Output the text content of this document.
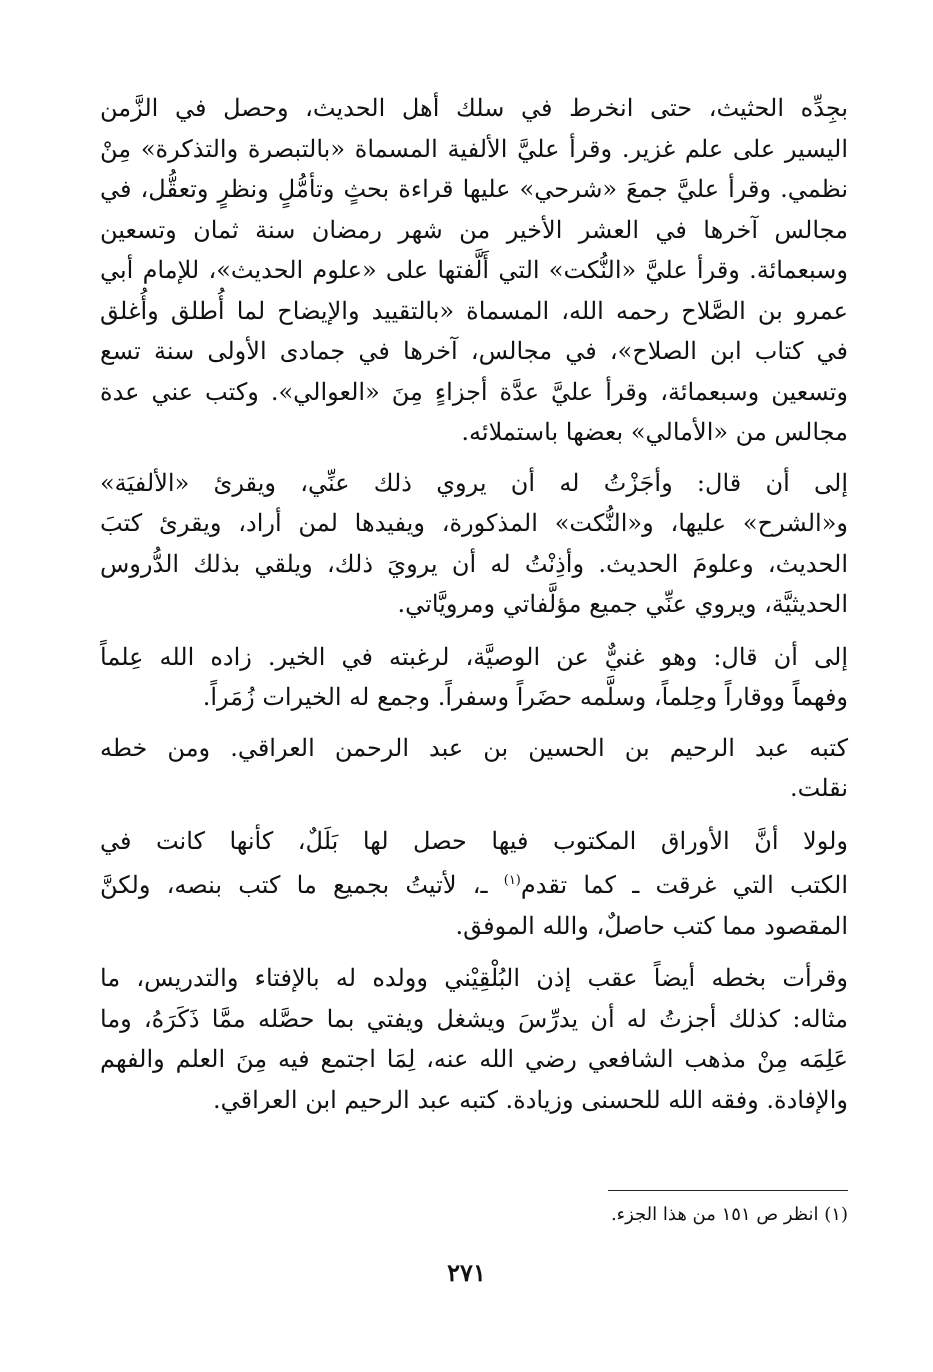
بجِدِّه الحثيث، حتى انخرط في سلك أهل الحديث، وحصل في الزَّمن
اليسير على علم غزير. وقرأ عليَّ الألفية المسماة «بالتبصرة والتذكرة» مِنْ
نظمي. وقرأ عليَّ جمعَ «شرحي» عليها قراءة بحثٍ وتأمُّلٍ ونظرٍ وتعقُّل، في
مجالس آخرها في العشر الأخير من شهر رمضان سنة ثمان وتسعين
وسبعمائة. وقرأ عليَّ «النُّكت» التي أَلَّفتها على «علوم الحديث»، للإمام أبي
عمرو بن الصَّلاح رحمه الله، المسماة «بالتقييد والإيضاح لما أُطلق وأُغلق
في كتاب ابن الصلاح»، في مجالس، آخرها في جمادى الأولى سنة تسع
وتسعين وسبعمائة، وقرأ عليَّ عدَّة أجزاءٍ مِنَ «العوالي». وكتب عني عدة
مجالس من «الأمالي» بعضها باستملائه.

إلى أن قال: وأجَزْتُ له أن يروي ذلك عنِّي، ويقرئ «الألفيَة»
و«الشرح» عليها، و«النُّكت» المذكورة، ويفيدها لمن أراد، ويقرئ كتبَ
الحديث، وعلومَ الحديث. وأذِنْتُ له أن يرويَ ذلك، ويلقي بذلك الدُّروس
الحديثيَّة، ويروي عنِّي جميع مؤلَّفاتي ومرويَّاتي.

إلى أن قال: وهو غنيٌّ عن الوصيَّة، لرغبته في الخير. زاده الله عِلماً
وفهماً ووقاراً وحِلماً، وسلَّمه حضَراً وسفراً. وجمع له الخيرات زُمَراً.

كتبه عبد الرحيم بن الحسين بن عبد الرحمن العراقي. ومن خطه
نقلت.

ولولا أنَّ الأوراق المكتوب فيها حصل لها بَلَلٌ، كأنها كانت في
الكتب التي غرقت ـ كما تقدم$^{(١)}$ ـ، لأتيتُ بجميع ما كتب بنصه، ولكنَّ
المقصود مما كتب حاصلٌ، والله الموفق.

وقرأت بخطه أيضاً عقب إذن البُلْقِيْني وولده له بالإفتاء والتدريس، ما
مثاله: كذلك أجزتُ له أن يدرِّسَ ويشغل ويفتي بما حصَّله ممَّا ذَكَرَهُ، وما
عَلِمَه مِنْ مذهب الشافعي رضي الله عنه، لِمَا اجتمع فيه مِنَ العلم والفهم
والإفادة. وفقه الله للحسنى وزيادة. كتبه عبد الرحيم ابن العراقي.

(١) انظر ص ١٥١ من هذا الجزء.
٢٧١
